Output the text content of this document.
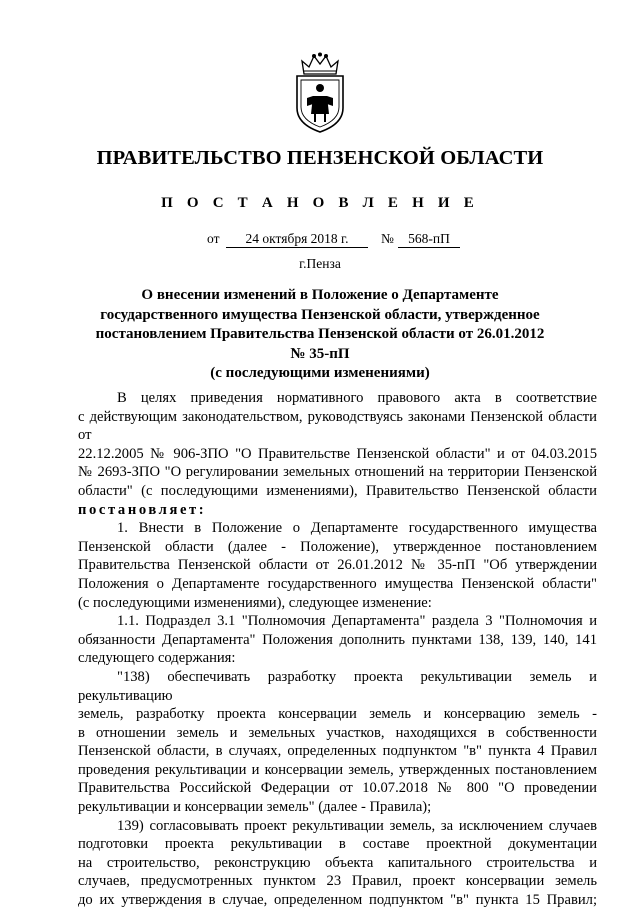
ПРАВИТЕЛЬСТВО ПЕНЗЕНСКОЙ ОБЛАСТИ
П О С Т А Н О В Л Е Н И Е
от	24 октября 2018 г.	№	568-пП
г.Пенза
О внесении изменений в Положение о Департаменте
государственного имущества Пензенской области, утвержденное
постановлением Правительства Пензенской области от 26.01.2012 № 35-пП
(с последующими изменениями)

В целях приведения нормативного правового акта в соответствие

с действующим законодательством, руководствуясь законами Пензенской области от

22.12.2005 № 906-ЗПО "О Правительстве Пензенской области" и от 04.03.2015

№ 2693-ЗПО "О регулировании земельных отношений на территории Пензенской

области" (с последующими изменениями), Правительство Пензенской области

постановляет:

1. Внести в Положение о Департаменте государственного имущества

Пензенской области (далее - Положение), утвержденное постановлением

Правительства Пензенской области от 26.01.2012 № 35-пП "Об утверждении

Положения о Департаменте государственного имущества Пензенской области"

(с последующими изменениями), следующее изменение:

1.1. Подраздел 3.1 "Полномочия Департамента" раздела 3 "Полномочия и

обязанности Департамента" Положения дополнить пунктами 138, 139, 140, 141

следующего содержания:

"138) обеспечивать разработку проекта рекультивации земель и рекультивацию

земель, разработку проекта консервации земель и консервацию земель -

в отношении земель и земельных участков, находящихся в собственности

Пензенской области, в случаях, определенных подпунктом "в" пункта 4 Правил

проведения рекультивации и консервации земель, утвержденных постановлением

Правительства Российской Федерации от 10.07.2018 № 800 "О проведении

рекультивации и консервации земель" (далее - Правила);

139) согласовывать проект рекультивации земель, за исключением случаев

подготовки проекта рекультивации в составе проектной документации

на строительство, реконструкцию объекта капитального строительства и

случаев, предусмотренных пунктом 23 Правил, проект консервации земель

до их утверждения в случае, определенном подпунктом "в" пункта 15 Правил;
